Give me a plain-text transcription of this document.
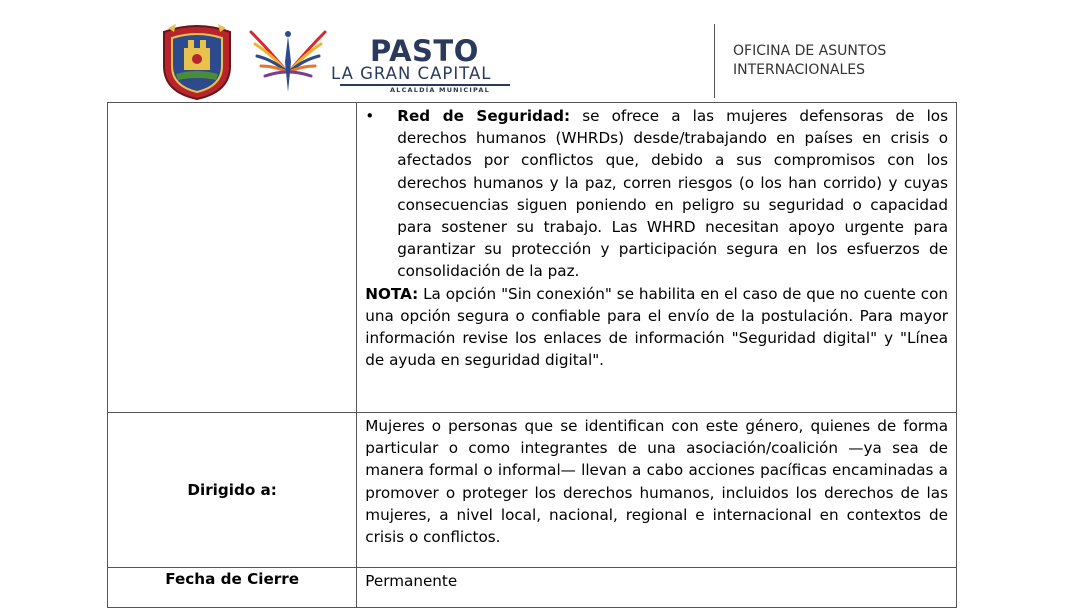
PASTO
LA GRAN CAPITAL
ALCALDÍA MUNICIPAL
OFICINA DE ASUNTOS
INTERNACIONALES

	• Red de Seguridad: se ofrece a las mujeres defensoras de los derechos humanos (WHRDs) desde/trabajando en países en crisis o afectados por conflictos que, debido a sus compromisos con los derechos humanos y la paz, corren riesgos (o los han corrido) y cuyas consecuencias siguen poniendo en peligro su seguridad o capacidad para sostener su trabajo. Las WHRD necesitan apoyo urgente para garantizar su protección y participación segura en los esfuerzos de consolidación de la paz.
NOTA: La opción "Sin conexión" se habilita en el caso de que no cuente con una opción segura o confiable para el envío de la postulación. Para mayor información revise los enlaces de información "Seguridad digital" y "Línea de ayuda en seguridad digital".

Dirigido a:	Mujeres o personas que se identifican con este género, quienes de forma particular o como integrantes de una asociación/coalición —ya sea de manera formal o informal— llevan a cabo acciones pacíficas encaminadas a promover o proteger los derechos humanos, incluidos los derechos de las mujeres, a nivel local, nacional, regional e internacional en contextos de crisis o conflictos.

Fecha de Cierre	Permanente
